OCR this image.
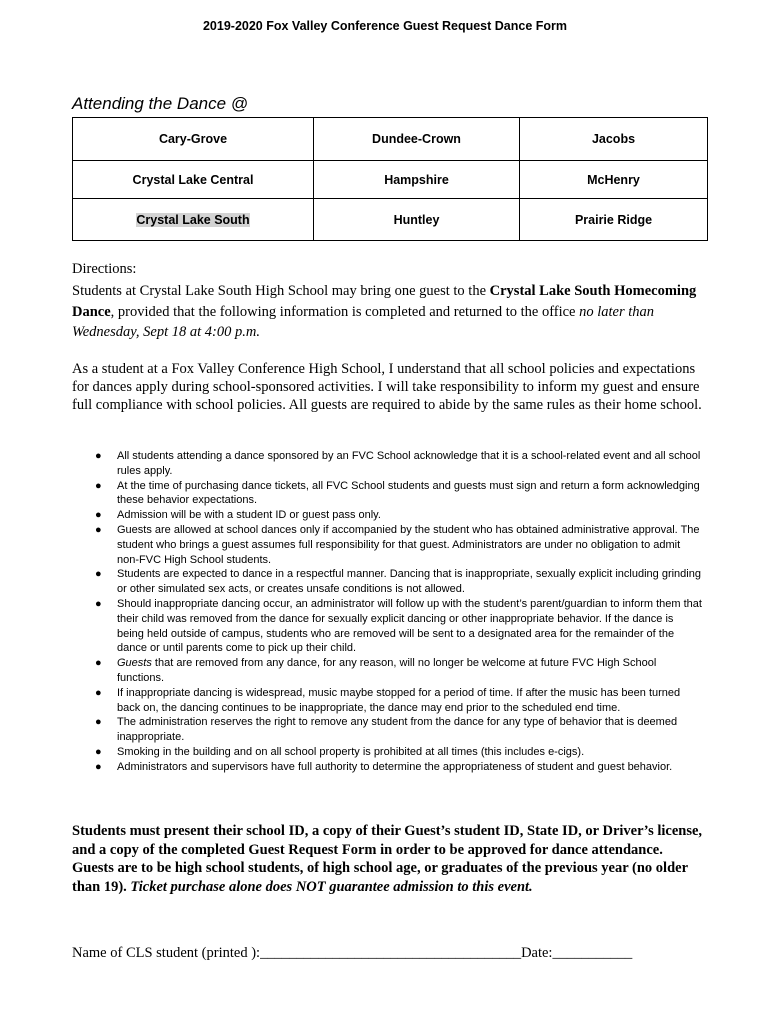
2019-2020 Fox Valley Conference Guest Request Dance Form
Attending the Dance @
Cary-Grove	Dundee-Crown	Jacobs
Crystal Lake Central	Hampshire	McHenry
Crystal Lake South	Huntley	Prairie Ridge
Directions:
Students at Crystal Lake South High School may bring one guest to the Crystal Lake South Homecoming Dance, provided that the following information is completed and returned to the office no later than Wednesday, Sept 18 at 4:00 p.m.
As a student at a Fox Valley Conference High School, I understand that all school policies and expectations for dances apply during school-sponsored activities. I will take responsibility to inform my guest and ensure full compliance with school policies. All guests are required to abide by the same rules as their home school.
● All students attending a dance sponsored by an FVC School acknowledge that it is a school-related event and all school rules apply.
● At the time of purchasing dance tickets, all FVC School students and guests must sign and return a form acknowledging these behavior expectations.
● Admission will be with a student ID or guest pass only.
● Guests are allowed at school dances only if accompanied by the student who has obtained administrative approval. The student who brings a guest assumes full responsibility for that guest. Administrators are under no obligation to admit non-FVC High School students.
● Students are expected to dance in a respectful manner. Dancing that is inappropriate, sexually explicit including grinding or other simulated sex acts, or creates unsafe conditions is not allowed.
● Should inappropriate dancing occur, an administrator will follow up with the student’s parent/guardian to inform them that their child was removed from the dance for sexually explicit dancing or other inappropriate behavior. If the dance is being held outside of campus, students who are removed will be sent to a designated area for the remainder of the dance or until parents come to pick up their child.
● Guests that are removed from any dance, for any reason, will no longer be welcome at future FVC High School functions.
● If inappropriate dancing is widespread, music maybe stopped for a period of time. If after the music has been turned back on, the dancing continues to be inappropriate, the dance may end prior to the scheduled end time.
● The administration reserves the right to remove any student from the dance for any type of behavior that is deemed inappropriate.
● Smoking in the building and on all school property is prohibited at all times (this includes e-cigs).
● Administrators and supervisors have full authority to determine the appropriateness of student and guest behavior.
Students must present their school ID, a copy of their Guest’s student ID, State ID, or Driver’s license, and a copy of the completed Guest Request Form in order to be approved for dance attendance. Guests are to be high school students, of high school age, or graduates of the previous year (no older than 19). Ticket purchase alone does NOT guarantee admission to this event.
Name of CLS student (printed ):____________________________________Date:___________
